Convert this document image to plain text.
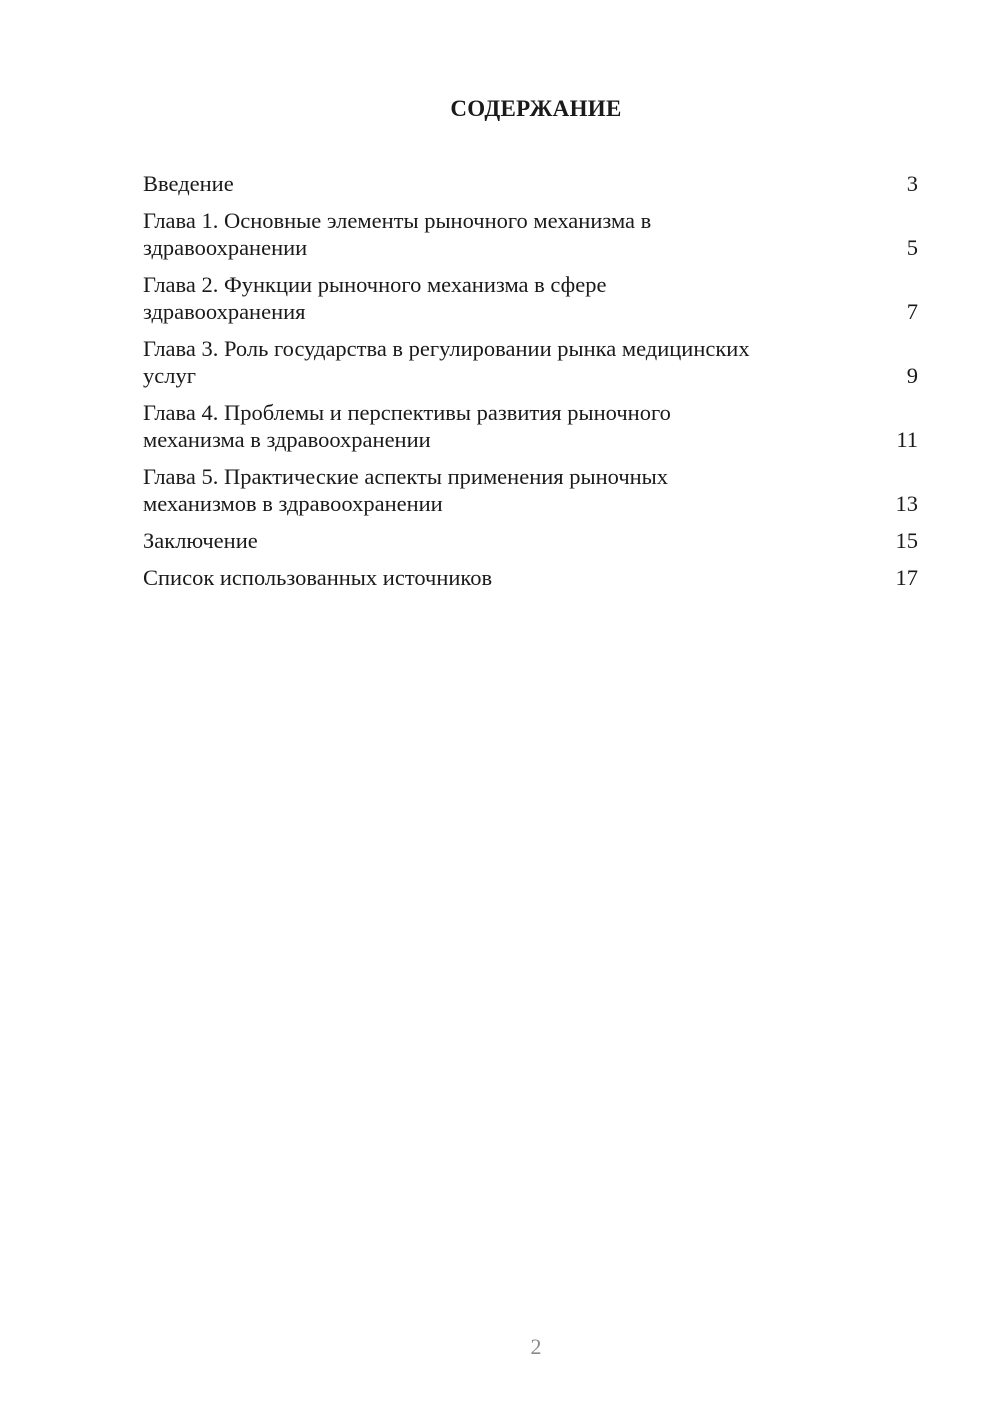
СОДЕРЖАНИЕ
Введение	3
Глава 1. Основные элементы рыночного механизма в
здравоохранении	5
Глава 2. Функции рыночного механизма в сфере
здравоохранения	7
Глава 3. Роль государства в регулировании рынка медицинских
услуг	9
Глава 4. Проблемы и перспективы развития рыночного
механизма в здравоохранении	11
Глава 5. Практические аспекты применения рыночных
механизмов в здравоохранении	13
Заключение	15
Список использованных источников	17
2
